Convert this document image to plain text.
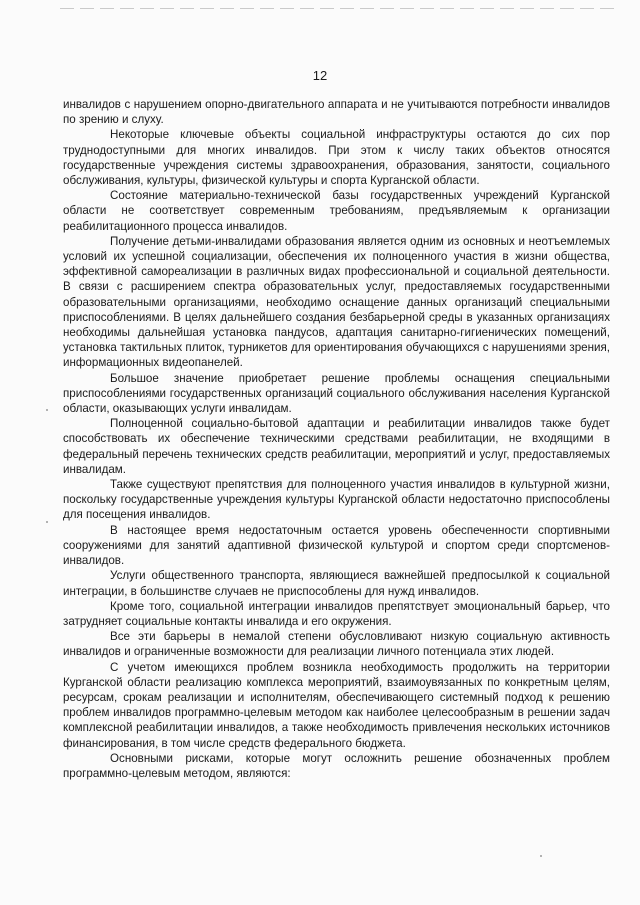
12

инвалидов с нарушением опорно-двигательного аппарата и не учитываются потребности инвалидов по зрению и слуху.

Некоторые ключевые объекты социальной инфраструктуры остаются до сих пор труднодоступными для многих инвалидов. При этом к числу таких объектов относятся государственные учреждения системы здравоохранения, образования, занятости, социального обслуживания, культуры, физической культуры и спорта Курганской области.

Состояние материально-технической базы государственных учреждений Курганской области не соответствует современным требованиям, предъявляемым к организации реабилитационного процесса инвалидов.

Получение детьми-инвалидами образования является одним из основных и неотъемлемых условий их успешной социализации, обеспечения их полноценного участия в жизни общества, эффективной самореализации в различных видах профессиональной и социальной деятельности. В связи с расширением спектра образовательных услуг, предоставляемых государственными образовательными организациями, необходимо оснащение данных организаций специальными приспособлениями. В целях дальнейшего создания безбарьерной среды в указанных организациях необходимы дальнейшая установка пандусов, адаптация санитарно-гигиенических помещений, установка тактильных плиток, турникетов для ориентирования обучающихся с нарушениями зрения, информационных видеопанелей.

Большое значение приобретает решение проблемы оснащения специальными приспособлениями государственных организаций социального обслуживания населения Курганской области, оказывающих услуги инвалидам.

Полноценной социально-бытовой адаптации и реабилитации инвалидов также будет способствовать их обеспечение техническими средствами реабилитации, не входящими в федеральный перечень технических средств реабилитации, мероприятий и услуг, предоставляемых инвалидам.

Также существуют препятствия для полноценного участия инвалидов в культурной жизни, поскольку государственные учреждения культуры Курганской области недостаточно приспособлены для посещения инвалидов.

В настоящее время недостаточным остается уровень обеспеченности спортивными сооружениями для занятий адаптивной физической культурой и спортом среди спортсменов-инвалидов.

Услуги общественного транспорта, являющиеся важнейшей предпосылкой к социальной интеграции, в большинстве случаев не приспособлены для нужд инвалидов.

Кроме того, социальной интеграции инвалидов препятствует эмоциональный барьер, что затрудняет социальные контакты инвалида и его окружения.

Все эти барьеры в немалой степени обусловливают низкую социальную активность инвалидов и ограниченные возможности для реализации личного потенциала этих людей.

С учетом имеющихся проблем возникла необходимость продолжить на территории Курганской области реализацию комплекса мероприятий, взаимоувязанных по конкретным целям, ресурсам, срокам реализации и исполнителям, обеспечивающего системный подход к решению проблем инвалидов программно-целевым методом как наиболее целесообразным в решении задач комплексной реабилитации инвалидов, а также необходимость привлечения нескольких источников финансирования, в том числе средств федерального бюджета.

Основными рисками, которые могут осложнить решение обозначенных проблем программно-целевым методом, являются:
